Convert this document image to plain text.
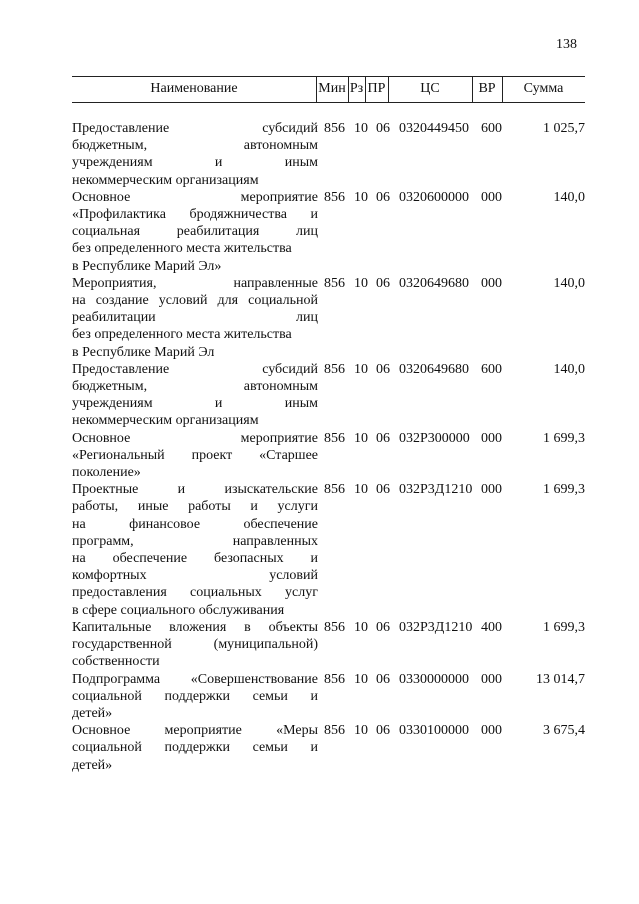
138
Наименование	Мин Рз ПР	ЦС	ВР	Сумма
Предоставление субсидий
бюджетным, автономным
учреждениям и иным
некоммерческим организациям
856 10 06 0320449450 600	1 025,7
Основное мероприятие
«Профилактика бродяжничества и
социальная реабилитация лиц
без определенного места жительства
в Республике Марий Эл»
856 10 06 0320600000 000	140,0
Мероприятия, направленные
на создание условий для социальной
реабилитации лиц
без определенного места жительства
в Республике Марий Эл
856 10 06 0320649680 000	140,0
Предоставление субсидий
бюджетным, автономным
учреждениям и иным
некоммерческим организациям
856 10 06 0320649680 600	140,0
Основное мероприятие
«Региональный проект «Старшее
поколение»
856 10 06 032Р300000 000	1 699,3
Проектные и изыскательские
работы, иные работы и услуги
на финансовое обеспечение
программ, направленных
на обеспечение безопасных и
комфортных условий
предоставления социальных услуг
в сфере социального обслуживания
856 10 06 032Р3Д1210 000	1 699,3
Капитальные вложения в объекты
государственной (муниципальной)
собственности
856 10 06 032Р3Д1210 400	1 699,3
Подпрограмма «Совершенствование
социальной поддержки семьи и
детей»
856 10 06 0330000000 000	13 014,7
Основное мероприятие «Меры
социальной поддержки семьи и
детей»
856 10 06 0330100000 000	3 675,4
